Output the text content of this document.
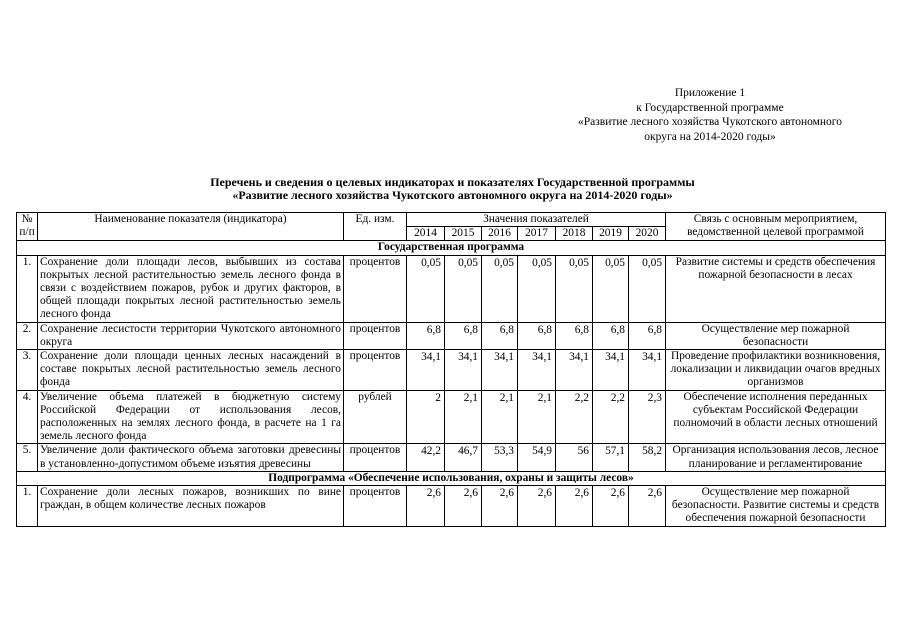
Приложение 1
к Государственной программе
«Развитие лесного хозяйства Чукотского автономного
округа на 2014-2020 годы»
Перечень и сведения о целевых индикаторах и показателях Государственной программы
«Развитие лесного хозяйства Чукотского автономного округа на 2014-2020 годы»
№ п/п	Наименование показателя (индикатора)	Ед. изм.	Значения показателей							Связь с основным мероприятием, ведомственной целевой программой
			2014	2015	2016	2017	2018	2019	2020	
Государственная программа										
1.	Сохранение доли площади лесов, выбывших из состава покрытых лесной растительностью земель лесного фонда в связи с воздействием пожаров, рубок и других факторов, в общей площади покрытых лесной растительностью земель лесного фонда	процентов	0,05	0,05	0,05	0,05	0,05	0,05	0,05	Развитие системы и средств обеспечения пожарной безопасности в лесах
2.	Сохранение лесистости территории Чукотского автономного округа	процентов	6,8	6,8	6,8	6,8	6,8	6,8	6,8	Осуществление мер пожарной безопасности
3.	Сохранение доли площади ценных лесных насаждений в составе покрытых лесной растительностью земель лесного фонда	процентов	34,1	34,1	34,1	34,1	34,1	34,1	34,1	Проведение профилактики возникновения, локализации и ликвидации очагов вредных организмов
4.	Увеличение объема платежей в бюджетную систему Российской Федерации от использования лесов, расположенных на землях лесного фонда, в расчете на 1 га земель лесного фонда	рублей	2	2,1	2,1	2,1	2,2	2,2	2,3	Обеспечение исполнения переданных субъектам Российской Федерации полномочий в области лесных отношений
5.	Увеличение доли фактического объема заготовки древесины в установленно-допустимом объеме изъятия древесины	процентов	42,2	46,7	53,3	54,9	56	57,1	58,2	Организация использования лесов, лесное планирование и регламентирование
Подпрограмма «Обеспечение использования, охраны и защиты лесов»										
1.	Сохранение доли лесных пожаров, возникших по вине граждан, в общем количестве лесных пожаров	процентов	2,6	2,6	2,6	2,6	2,6	2,6	2,6	Осуществление мер пожарной безопасности. Развитие системы и средств обеспечения пожарной безопасности
